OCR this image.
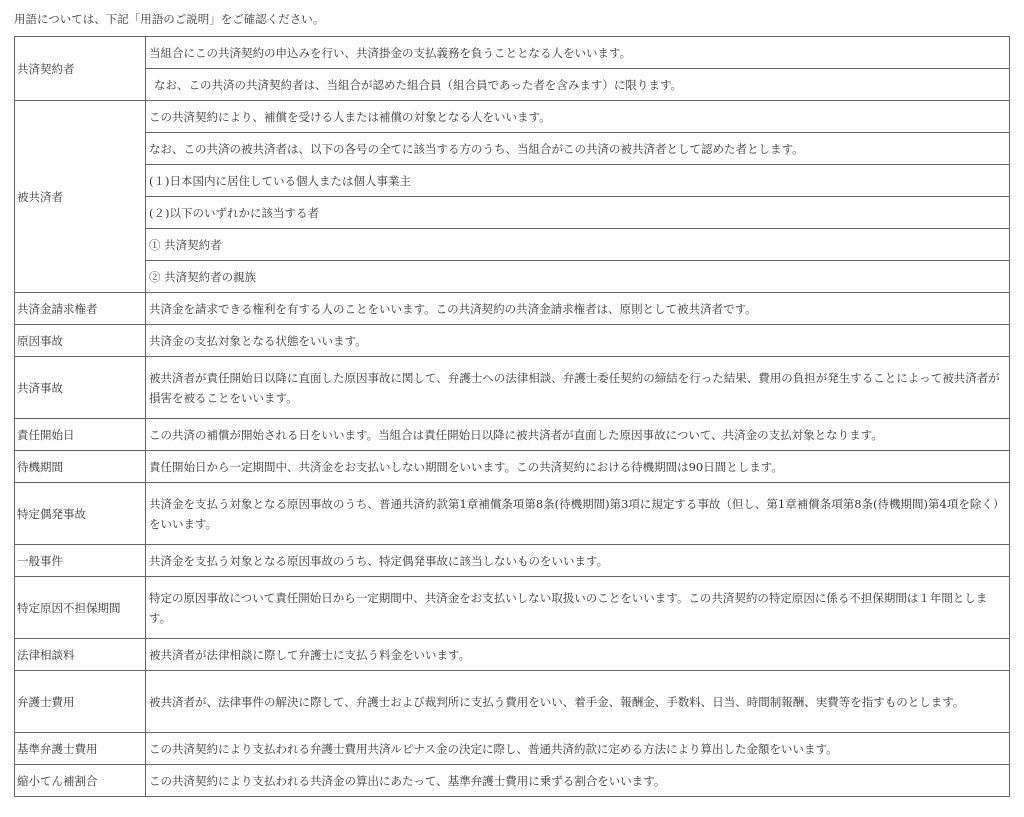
用語については、下記「用語のご説明」をご確認ください。
共済契約者	当組合にこの共済契約の申込みを行い、共済掛金の支払義務を負うこととなる人をいいます。
	なお、この共済の共済契約者は、当組合が認めた組合員（組合員であった者を含みます）に限ります。
被共済者	この共済契約により、補償を受ける人または補償の対象となる人をいいます。
	なお、この共済の被共済者は、以下の各号の全てに該当する方のうち、当組合がこの共済の被共済者として認めた者とします。
	(１)日本国内に居住している個人または個人事業主
	(２)以下のいずれかに該当する者
	① 共済契約者
	② 共済契約者の親族
共済金請求権者	共済金を請求できる権利を有する人のことをいいます。この共済契約の共済金請求権者は、原則として被共済者です。
原因事故	共済金の支払対象となる状態をいいます。
共済事故	被共済者が責任開始日以降に直面した原因事故に関して、弁護士への法律相談、弁護士委任契約の締結を行った結果、費用の負担が発生することによって被共済者が損害を被ることをいいます。
責任開始日	この共済の補償が開始される日をいいます。当組合は責任開始日以降に被共済者が直面した原因事故について、共済金の支払対象となります。
待機期間	責任開始日から一定期間中、共済金をお支払いしない期間をいいます。この共済契約における待機期間は90日間とします。
特定偶発事故	共済金を支払う対象となる原因事故のうち、普通共済約款第1章補償条項第8条(待機期間)第3項に規定する事故（但し、第1章補償条項第8条(待機期間)第4項を除く）をいいます。
一般事件	共済金を支払う対象となる原因事故のうち、特定偶発事故に該当しないものをいいます。
特定原因不担保期間	特定の原因事故について責任開始日から一定期間中、共済金をお支払いしない取扱いのことをいいます。この共済契約の特定原因に係る不担保期間は１年間とします。
法律相談料	被共済者が法律相談に際して弁護士に支払う料金をいいます。
弁護士費用	被共済者が、法律事件の解決に際して、弁護士および裁判所に支払う費用をいい、着手金、報酬金、手数料、日当、時間制報酬、実費等を指すものとします。
基準弁護士費用	この共済契約により支払われる弁護士費用共済ルピナス金の決定に際し、普通共済約款に定める方法により算出した金額をいいます。
縮小てん補割合	この共済契約により支払われる共済金の算出にあたって、基準弁護士費用に乗ずる割合をいいます。
